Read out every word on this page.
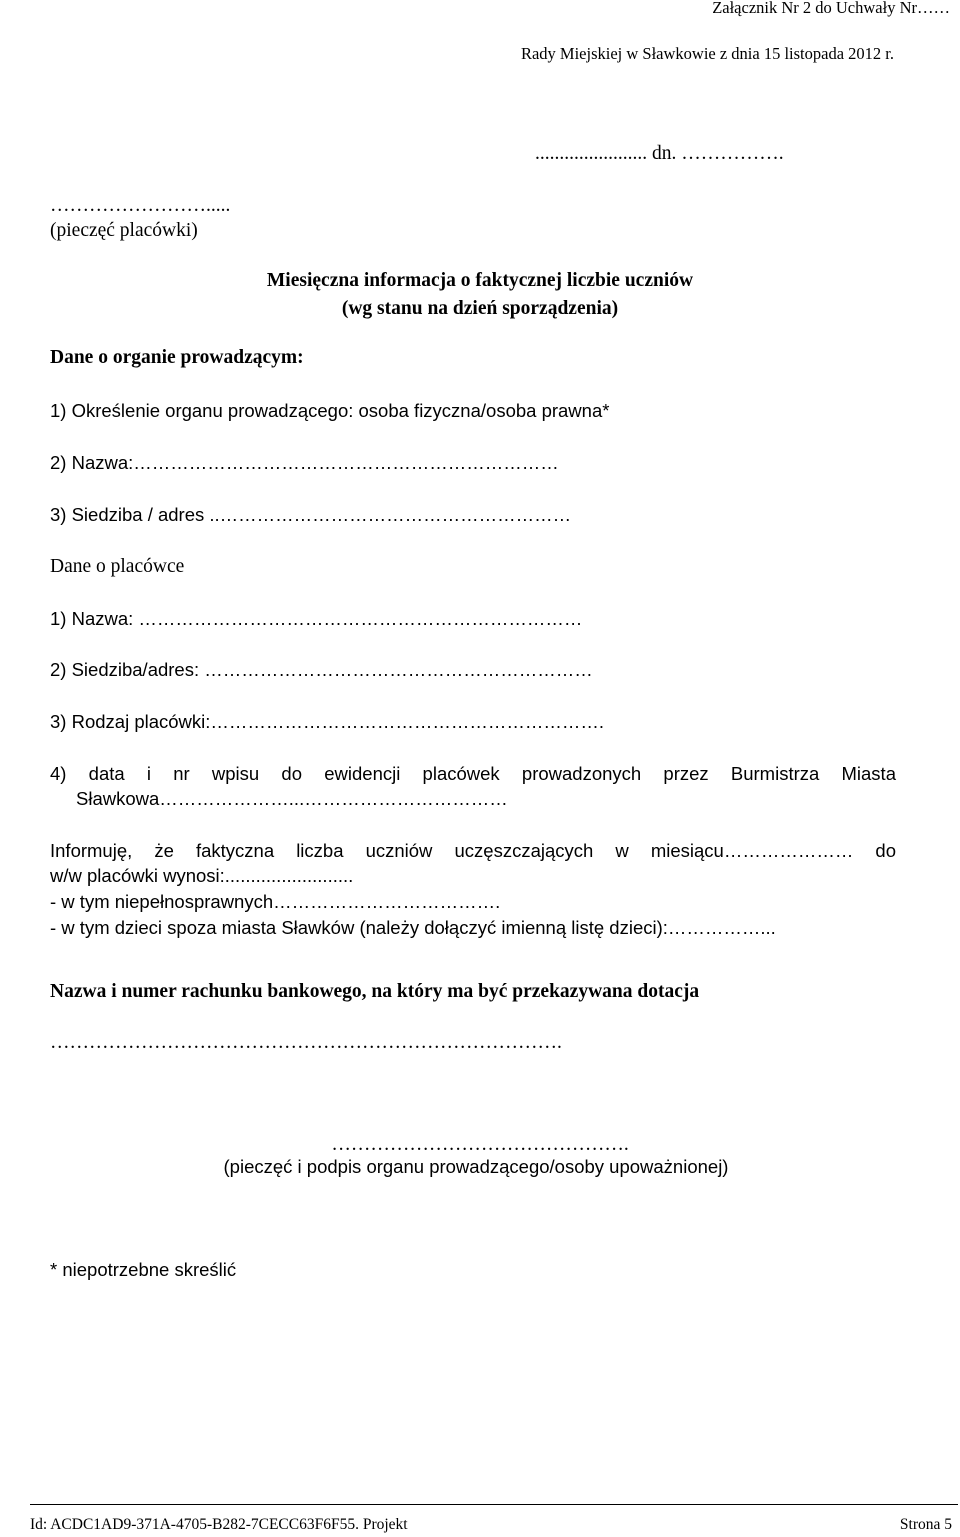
Załącznik Nr 2 do Uchwały Nr……
Rady Miejskiej w Sławkowie z dnia 15 listopada 2012 r.
....................... dn. …………….
…………………….....
(pieczęć placówki)
Miesięczna informacja o faktycznej liczbie uczniów
(wg stanu na dzień sporządzenia)
Dane o organie prowadzącym:
1) Określenie organu prowadzącego: osoba fizyczna/osoba prawna*
2) Nazwa:……………………………………………………………
3) Siedziba / adres ..…………………………………………………
Dane o placówce
1) Nazwa: ………………………………………………………………
2) Siedziba/adres: ………………………………………………………
3) Rodzaj placówki:……………………………………………………….
4) data i nr wpisu do ewidencji placówek prowadzonych przez Burmistrza Miasta
Sławkowa…………………...……………………………
Informuję, że faktyczna liczba uczniów uczęszczających w miesiącu………………… do
w/w placówki wynosi:.........................
- w tym niepełnosprawnych……………………………….
- w tym dzieci spoza miasta Sławków (należy dołączyć imienną listę dzieci):……………...
Nazwa i numer rachunku bankowego, na który ma być przekazywana dotacja
…………………………………………………………………….
……………………………………….
(pieczęć i podpis organu prowadzącego/osoby upoważnionej)
* niepotrzebne skreślić
Id: ACDC1AD9-371A-4705-B282-7CECC63F6F55. Projekt	Strona 5
